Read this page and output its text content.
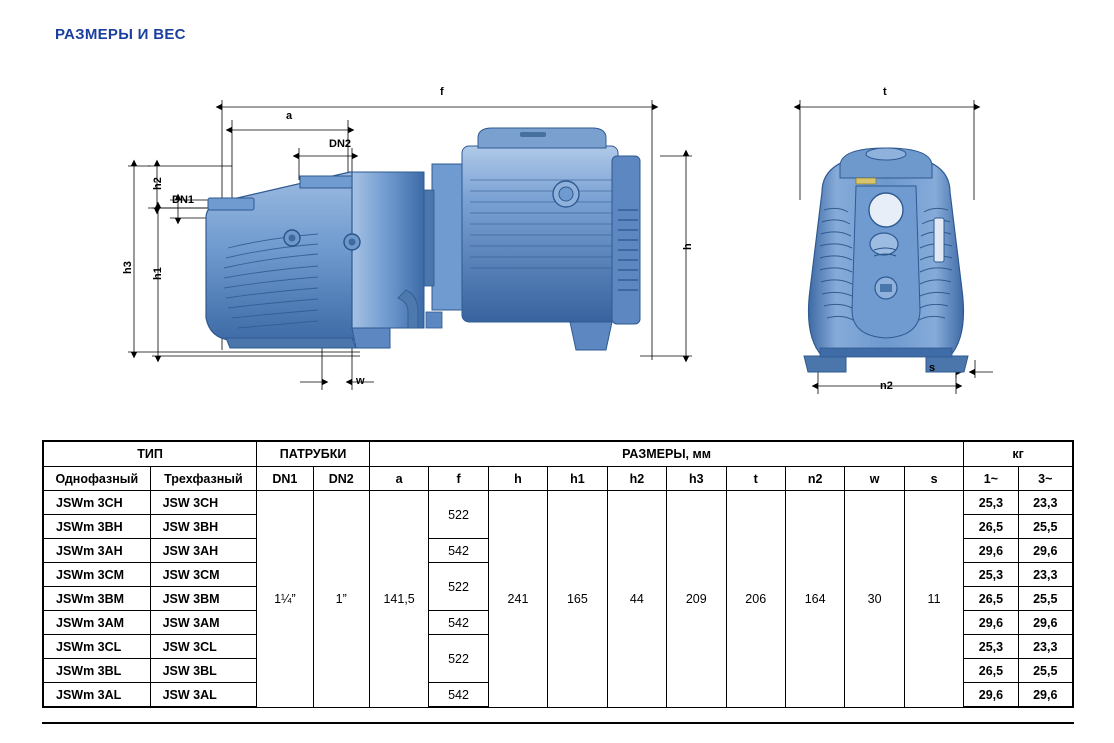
РАЗМЕРЫ И ВЕС
f
a
DN2
DN1
h2
h3 h1
h
w
t
n2
s
ТИП		ПАТРУБКИ		РАЗМЕРЫ, мм										кг	
Однофазный	Трехфазный	DN1	DN2	a	f	h	h1	h2	h3	t	n2	w	s	1~	3~
JSWm 3CH	JSW 3CH	1¼”	1”	141,5	522	241	165	44	209	206	164	30	11	25,3	23,3
JSWm 3BH	JSW 3BH													26,5	25,5
JSWm 3AH	JSW 3AH				542									29,6	29,6
JSWm 3CM	JSW 3CM				522									25,3	23,3
JSWm 3BM	JSW 3BM													26,5	25,5
JSWm 3AM	JSW 3AM				542									29,6	29,6
JSWm 3CL	JSW 3CL				522									25,3	23,3
JSWm 3BL	JSW 3BL													26,5	25,5
JSWm 3AL	JSW 3AL				542									29,6	29,6
